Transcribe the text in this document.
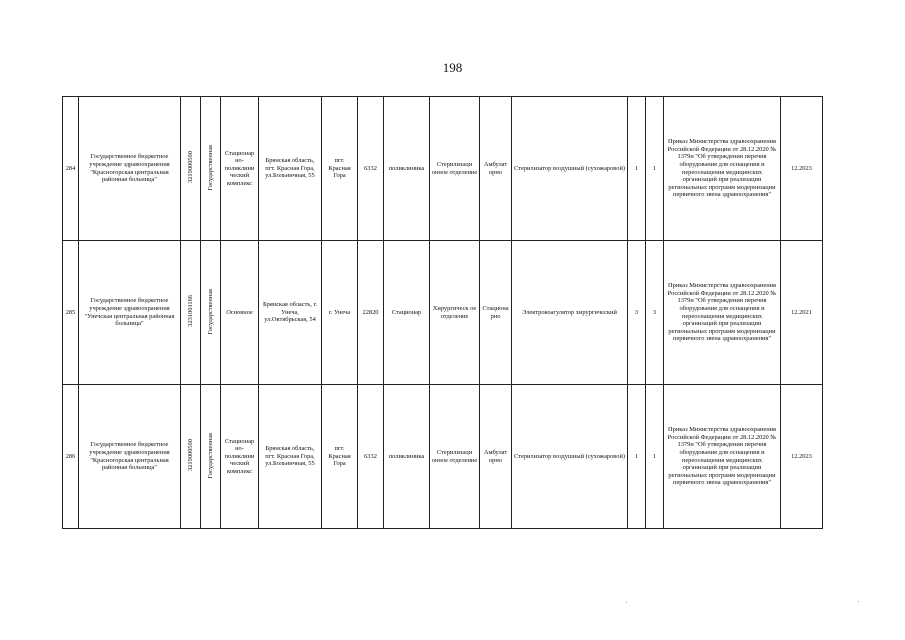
198
284	Государственное бюджетное учреждение здравоохранения "Красногорская центральная районная больница"	3219000590	Государственная	Стационар но-поликлини ческий комплекс	Брянская область, пгт. Красная Гора, ул.Больничная, 55	пгт. Красная Гора	6332	поликлиника	Стерилизаци онное отделение	Амбулат орно	Стерилизатор воздушный (сухожаровой)	1	1	Приказ Министерства здравоохранения Российской Федерации от 28.12.2020 № 1379н "Об утверждении перечня оборудования для оснащения и переоснащения медицинских организаций при реализации региональных программ модернизации первичного звена здравоохранения"	12.2023
285	Государственное бюджетное учреждение здравоохранения "Унечская центральная районная больница"	3231001166	Государственная	Основное	Брянская область, г. Унеча, ул.Октябрьская, 54	г. Унеча	22820	Стационар	Хирургическ ое отделение	Стациона рно	Электрокоагулятор хирургический	3	3	Приказ Министерства здравоохранения Российской Федерации от 28.12.2020 № 1379н "Об утверждении перечня оборудования для оснащения и переоснащения медицинских организаций при реализации региональных программ модернизации первичного звена здравоохранения"	12.2021
286	Государственное бюджетное учреждение здравоохранения "Красногорская центральная районная больница"	3219000590	Государственная	Стационар но-поликлини ческий комплекс	Брянская область, пгт. Красная Гора, ул.Больничная, 55	пгт. Красная Гора	6332	поликлиника	Стерилизаци онное отделение	Амбулат орно	Стерилизатор воздушный (сухожаровой)	1	1	Приказ Министерства здравоохранения Российской Федерации от 28.12.2020 № 1379н "Об утверждении перечня оборудования для оснащения и переоснащения медицинских организаций при реализации региональных программ модернизации первичного звена здравоохранения"	12.2023
